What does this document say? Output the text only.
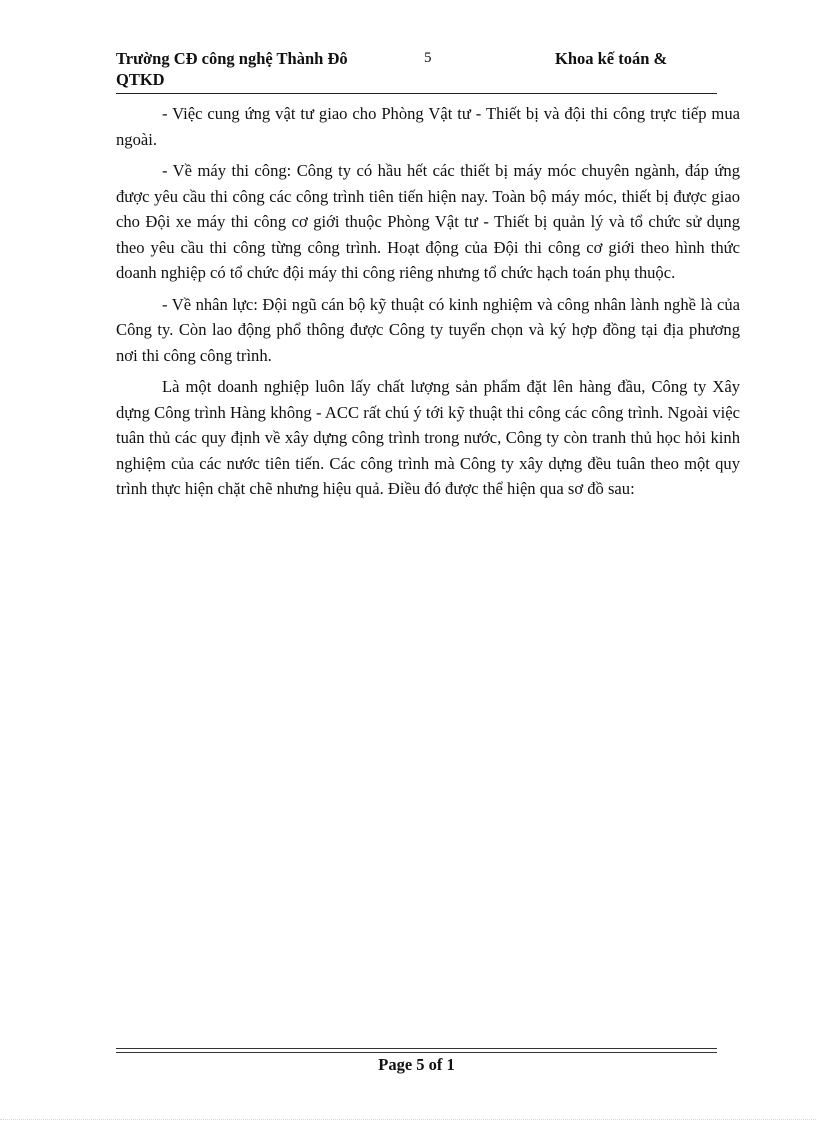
Trường CĐ công nghệ Thành Đô	5	Khoa kế toán &
QTKD

- Việc cung ứng vật tư giao cho Phòng Vật tư - Thiết bị và đội thi công trực tiếp mua ngoài.

- Về máy thi công: Công ty có hầu hết các thiết bị máy móc chuyên ngành, đáp ứng được yêu cầu thi công các công trình tiên tiến hiện nay. Toàn bộ máy móc, thiết bị được giao cho Đội xe máy thi công cơ giới thuộc Phòng Vật tư - Thiết bị quản lý và tổ chức sử dụng theo yêu cầu thi công từng công trình. Hoạt động của Đội thi công cơ giới theo hình thức doanh nghiệp có tổ chức đội máy thi công riêng nhưng tổ chức hạch toán phụ thuộc.

- Về nhân lực: Đội ngũ cán bộ kỹ thuật có kinh nghiệm và công nhân lành nghề là của Công ty. Còn lao động phổ thông được Công ty tuyển chọn và ký hợp đồng tại địa phương nơi thi công công trình.

Là một doanh nghiệp luôn lấy chất lượng sản phẩm đặt lên hàng đầu, Công ty Xây dựng Công trình Hàng không - ACC rất chú ý tới kỹ thuật thi công các công trình. Ngoài việc tuân thủ các quy định về xây dựng công trình trong nước, Công ty còn tranh thủ học hỏi kinh nghiệm của các nước tiên tiến. Các công trình mà Công ty xây dựng đều tuân theo một quy trình thực hiện chặt chẽ nhưng hiệu quả. Điều đó được thể hiện qua sơ đồ sau:

Page 5 of 1
